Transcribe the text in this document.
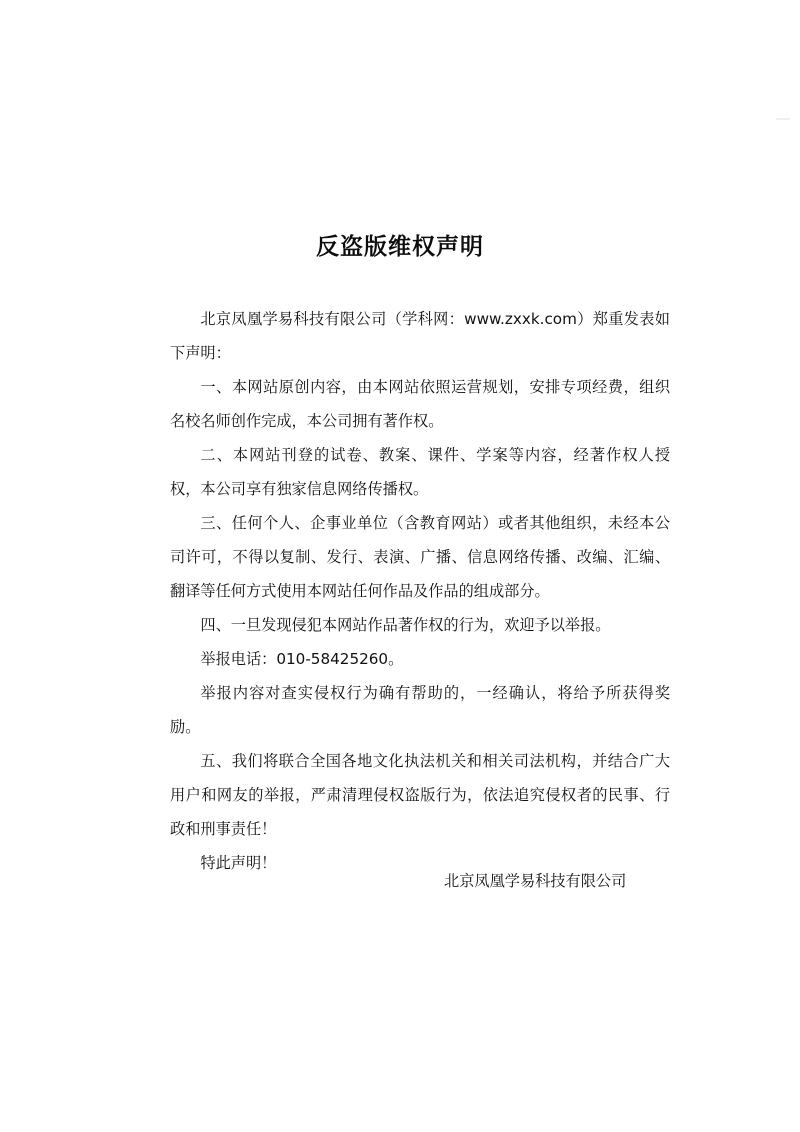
反盗版维权声明

北京凤凰学易科技有限公司（学科网：www.zxxk.com）郑重发表如下声明：

一、本网站原创内容，由本网站依照运营规划，安排专项经费，组织名校名师创作完成，本公司拥有著作权。

二、本网站刊登的试卷、教案、课件、学案等内容，经著作权人授权，本公司享有独家信息网络传播权。

三、任何个人、企事业单位（含教育网站）或者其他组织，未经本公司许可，不得以复制、发行、表演、广播、信息网络传播、改编、汇编、翻译等任何方式使用本网站任何作品及作品的组成部分。

四、一旦发现侵犯本网站作品著作权的行为，欢迎予以举报。

举报电话：010-58425260。

举报内容对查实侵权行为确有帮助的，一经确认，将给予所获得奖励。

五、我们将联合全国各地文化执法机关和相关司法机构，并结合广大用户和网友的举报，严肃清理侵权盗版行为，依法追究侵权者的民事、行政和刑事责任！

特此声明！

北京凤凰学易科技有限公司
